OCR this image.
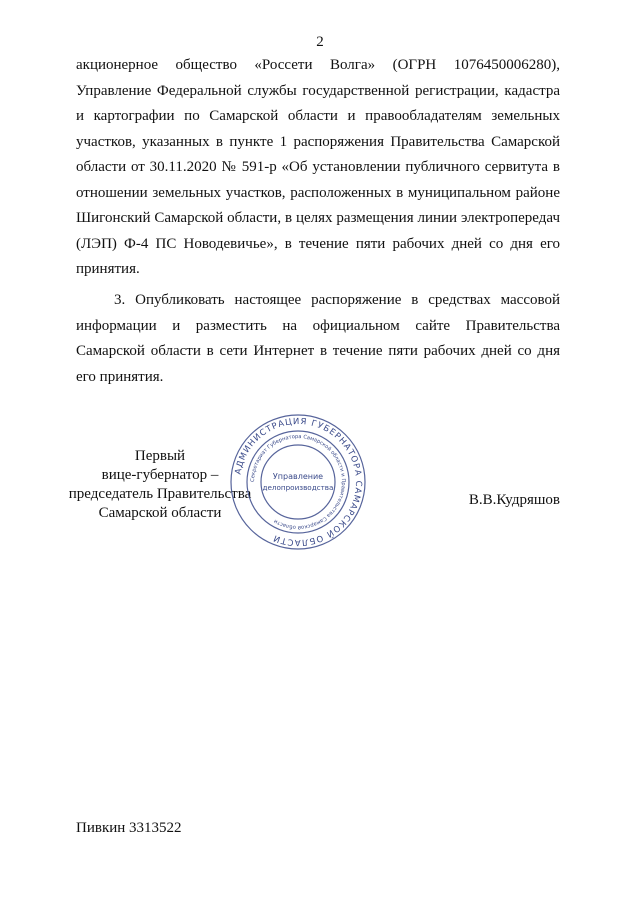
2

акционерное общество «Россети Волга» (ОГРН 1076450006280), Управление Федеральной службы государственной регистрации, кадастра и картографии по Самарской области и правообладателям земельных участков, указанных в пункте 1 распоряжения Правительства Самарской области от 30.11.2020 № 591-р «Об установлении публичного сервитута в отношении земельных участков, расположенных в муниципальном районе Шигонский Самарской области, в целях размещения линии электропередач (ЛЭП) Ф-4 ПС Новодевичье», в течение пяти рабочих дней со дня его принятия.

3. Опубликовать настоящее распоряжение в средствах массовой информации и разместить на официальном сайте Правительства Самарской области в сети Интернет в течение пяти рабочих дней со дня его принятия.

Первый
вице-губернатор –
председатель Правительства
Самарской области
В.В.Кудряшов
АДМИНИСТРАЦИЯ ГУБЕРНАТОРА САМАРСКОЙ ОБЛАСТИ
Секретариат Губернатора Самарской области и Правительства Самарской области
Управление
делопроизводства
Пивкин 3313522
